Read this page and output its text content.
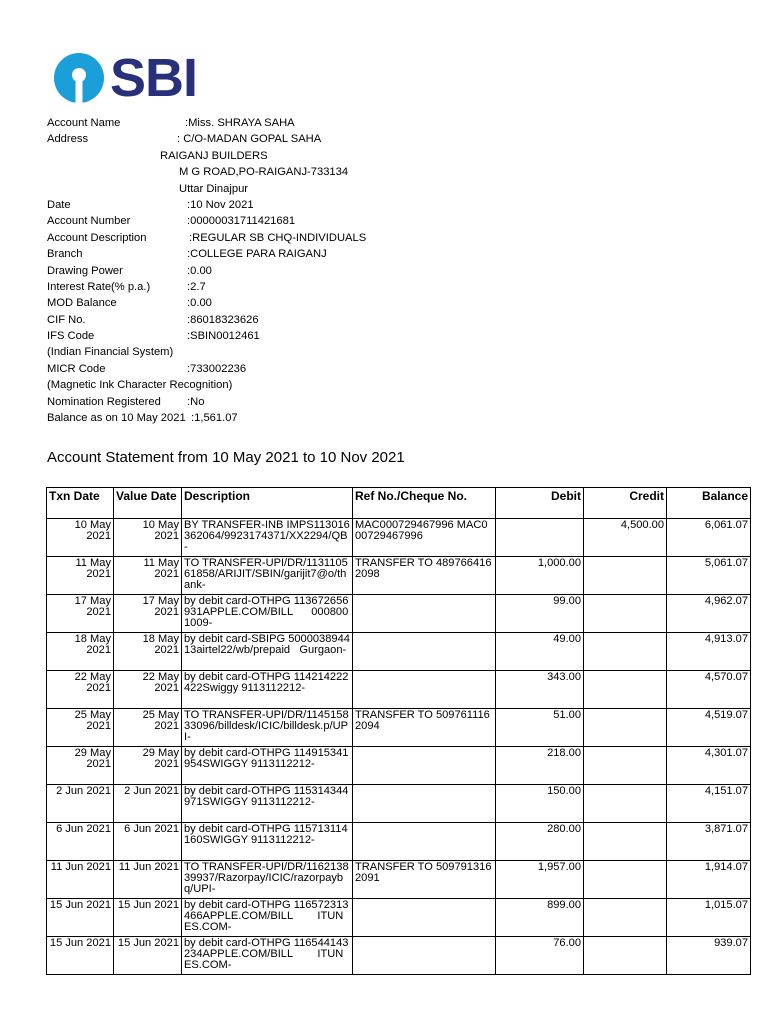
SBI
Account Name	:Miss. SHRAYA SAHA
Address	: C/O-MADAN GOPAL SAHA
RAIGANJ BUILDERS
M G ROAD,PO-RAIGANJ-733134
Uttar Dinajpur
Date	:10 Nov 2021
Account Number	:00000031711421681
Account Description	:REGULAR SB CHQ-INDIVIDUALS
Branch	:COLLEGE PARA RAIGANJ
Drawing Power	:0.00
Interest Rate(% p.a.)	:2.7
MOD Balance	:0.00
CIF No.	:86018323626
IFS Code	:SBIN0012461
(Indian Financial System)
MICR Code	:733002236
(Magnetic Ink Character Recognition)
Nomination Registered :No
Balance as on 10 May 2021 :1,561.07
Account Statement from 10 May 2021 to 10 Nov 2021
Txn Date	Value Date	Description	Ref No./Cheque No.	Debit	Credit	Balance
10 May 2021	10 May 2021	BY TRANSFER-INB IMPS113016362064/9923174371/XX2294/QB-	MAC000729467996 MAC000729467996		4,500.00	6,061.07
11 May 2021	11 May 2021	TO TRANSFER-UPI/DR/113110561858/ARIJIT/SBIN/garijit7@o/thank-	TRANSFER TO 4897664162098	1,000.00		5,061.07
17 May 2021	17 May 2021	by debit card-OTHPG 113672656931APPLE.COM/BILL      0008001009-		99.00		4,962.07
18 May 2021	18 May 2021	by debit card-SBIPG 500003894413airtel22/wb/prepaid   Gurgaon-		49.00		4,913.07
22 May 2021	22 May 2021	by debit card-OTHPG 114214222422Swiggy 9113112212-		343.00		4,570.07
25 May 2021	25 May 2021	TO TRANSFER-UPI/DR/114515833096/billdesk/ICIC/billdesk.p/UPI-	TRANSFER TO 5097611162094	51.00		4,519.07
29 May 2021	29 May 2021	by debit card-OTHPG 114915341954SWIGGY 9113112212-		218.00		4,301.07
2 Jun 2021	2 Jun 2021	by debit card-OTHPG 115314344971SWIGGY 9113112212-		150.00		4,151.07
6 Jun 2021	6 Jun 2021	by debit card-OTHPG 115713114160SWIGGY 9113112212-		280.00		3,871.07
11 Jun 2021	11 Jun 2021	TO TRANSFER-UPI/DR/116213839937/Razorpay/ICIC/razorpaybq/UPI-	TRANSFER TO 5097913162091	1,957.00		1,914.07
15 Jun 2021	15 Jun 2021	by debit card-OTHPG 116572313466APPLE.COM/BILL        ITUNES.COM-		899.00		1,015.07
15 Jun 2021	15 Jun 2021	by debit card-OTHPG 116544143234APPLE.COM/BILL        ITUNES.COM-		76.00		939.07
